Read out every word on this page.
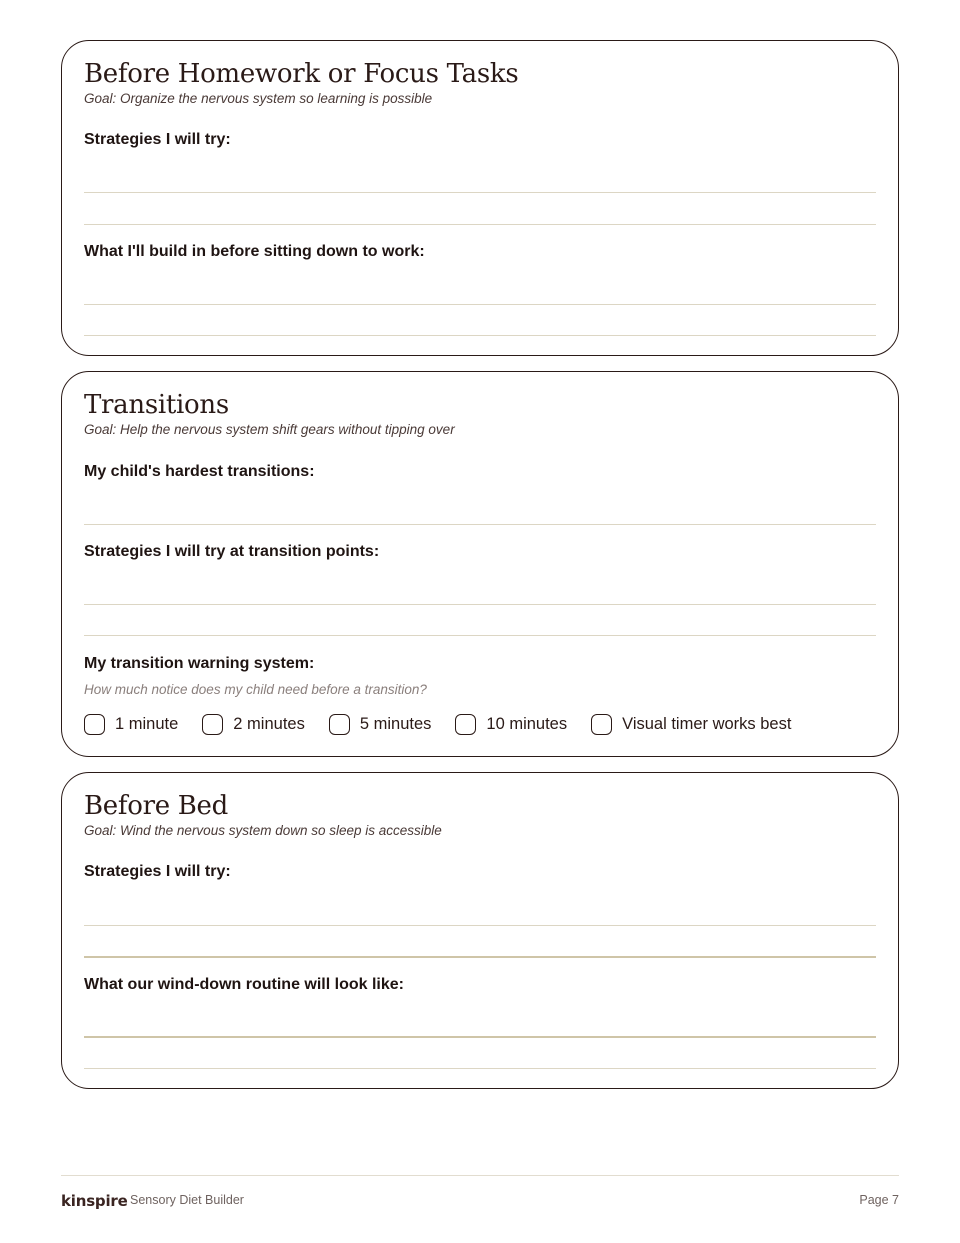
Before Homework or Focus Tasks
Goal: Organize the nervous system so learning is possible
Strategies I will try:
What I'll build in before sitting down to work:
Transitions
Goal: Help the nervous system shift gears without tipping over
My child's hardest transitions:
Strategies I will try at transition points:
My transition warning system:
How much notice does my child need before a transition?
1 minute	2 minutes	5 minutes	10 minutes	Visual timer works best
Before Bed
Goal: Wind the nervous system down so sleep is accessible
Strategies I will try:
What our wind-down routine will look like:
kinspire Sensory Diet Builder	Page 7
